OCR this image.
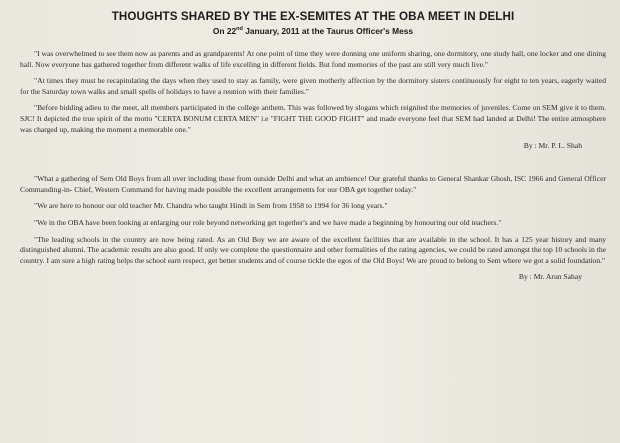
THOUGHTS SHARED BY THE EX-SEMITES AT THE OBA MEET IN DELHI
On 22nd January, 2011 at the Taurus Officer's Mess

"I was overwhelmed to see them now as parents and as grandparents! At one point of time they were donning one uniform sharing, one dormitory, one study hall, one locker and one dining hall. Now everyone has gathered together from different walks of life excelling in different fields. But fond memories of the past are still very much live."

"At times they must be recapitulating the days when they used to stay as family, were given motherly affection by the dormitory sisters continuously for eight to ten years, eagerly waited for the Saturday town walks and small spells of holidays to have a reunion with their families."

"Before bidding adieu to the meet, all members participated in the college anthem. This was followed by slogans which reignited the memories of juveniles. Come on SEM give it to them. SJC! It depicted the true spirit of the motto "CERTA BONUM CERTA MEN" i.e "FIGHT THE GOOD FIGHT" and made everyone feel that SEM had landed at Delhi! The entire atmosphere was charged up, making the moment a memorable one."

By : Mr. P. L. Shah

"What a gathering of Sem Old Boys from all over including those from outside Delhi and what an ambience! Our grateful thanks to General Shankar Ghosh, ISC 1966 and General Officer Commanding-in- Chief, Western Command for having made possible the excellent arrangements for our OBA get together today."

"We are here to honour our old teacher Mr. Chandra who taught Hindi in Sem from 1958 to 1994 for 36 long years."

"We in the OBA have been looking at enlarging our role beyond networking get together's and we have made a beginning by honouring our old teachers."

"The leading schools in the country are now being rated. As an Old Boy we are aware of the excellent facilities that are available in the school. It has a 125 year history and many distinguished alumni. The academic results are also good. If only we complete the questionnaire and other formalities of the rating agencies, we could be rated amongst the top 10 schools in the country. I am sure a high rating helps the school earn respect, get better students and of course tickle the egos of the Old Boys! We are proud to belong to Sem where we got a solid foundation."

By : Mr. Arun Sahay
